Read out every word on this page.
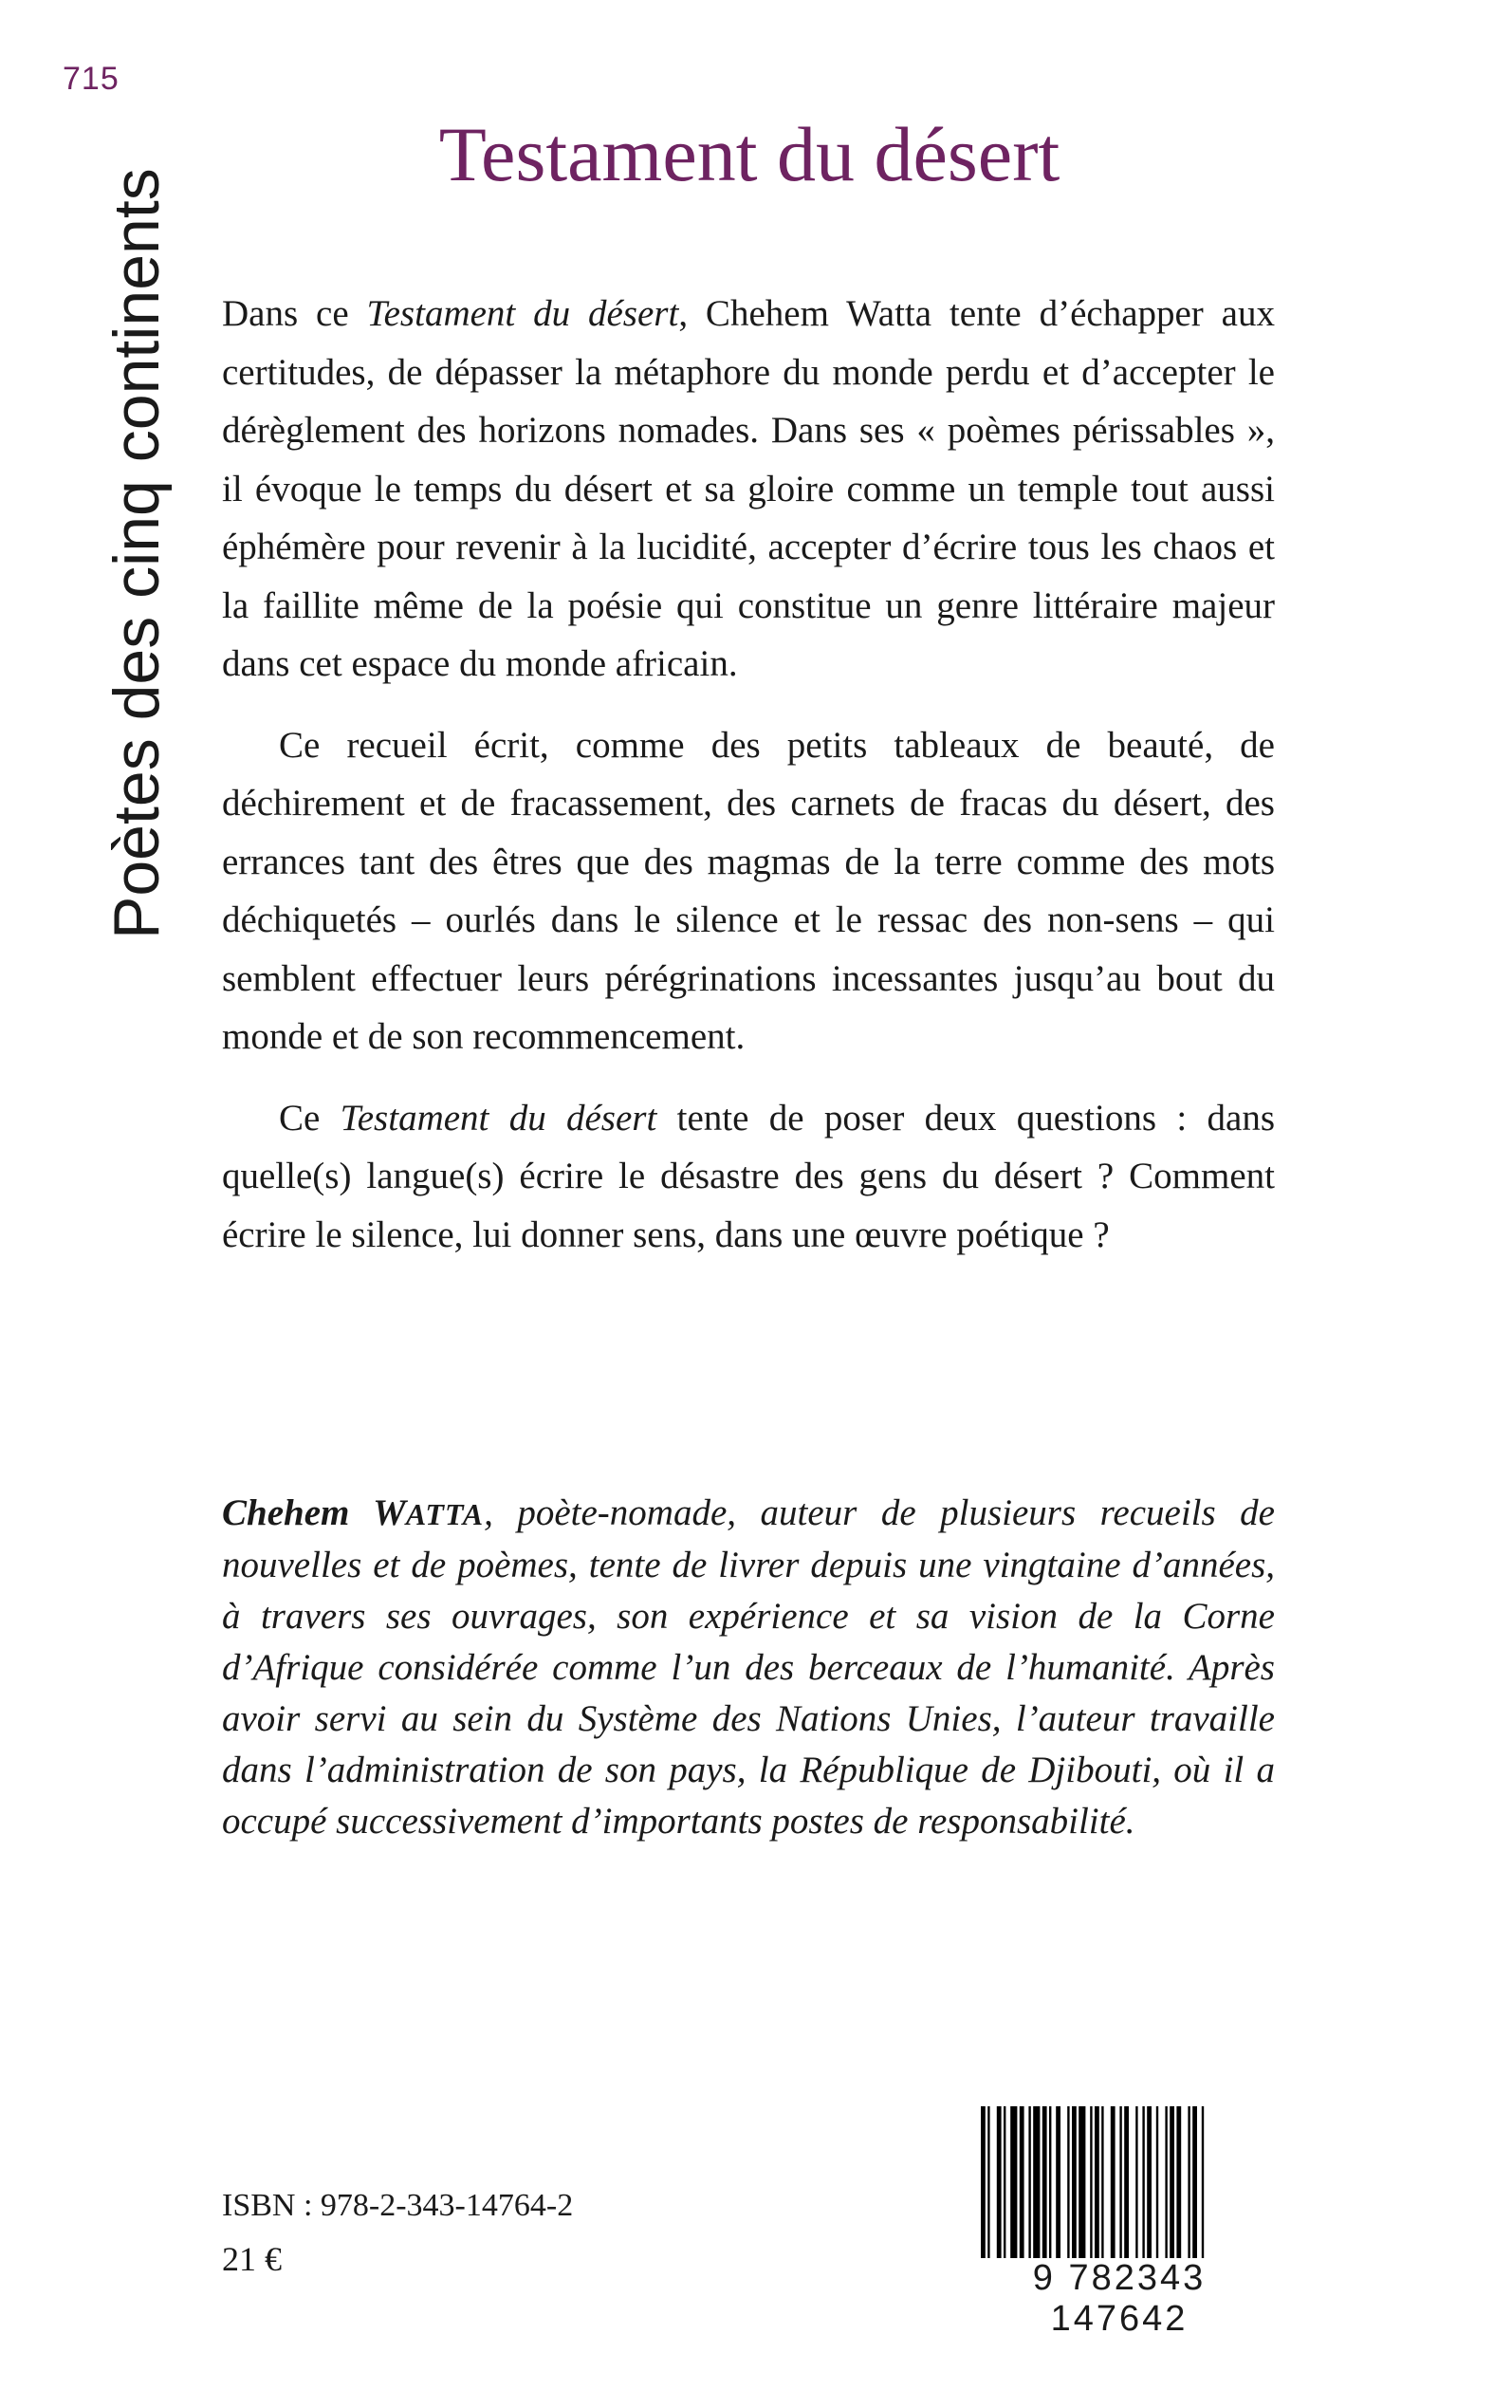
715
Poètes des cinq continents
Testament du désert

Dans ce Testament du désert, Chehem Watta tente d’échapper aux certitudes, de dépasser la métaphore du monde perdu et d’accepter le dérèglement des horizons nomades. Dans ses « poèmes périssables », il évoque le temps du désert et sa gloire comme un temple tout aussi éphémère pour revenir à la lucidité, accepter d’écrire tous les chaos et la faillite même de la poésie qui constitue un genre littéraire majeur dans cet espace du monde africain.

Ce recueil écrit, comme des petits tableaux de beauté, de déchirement et de fracassement, des carnets de fracas du désert, des errances tant des êtres que des magmas de la terre comme des mots déchiquetés – ourlés dans le silence et le ressac des non-sens – qui semblent effectuer leurs pérégrinations incessantes jusqu’au bout du monde et de son recommencement.

Ce Testament du désert tente de poser deux questions : dans quelle(s) langue(s) écrire le désastre des gens du désert ? Comment écrire le silence, lui donner sens, dans une œuvre poétique ?

Chehem WATTA, poète-nomade, auteur de plusieurs recueils de nouvelles et de poèmes, tente de livrer depuis une vingtaine d’années, à travers ses ouvrages, son expérience et sa vision de la Corne d’Afrique considérée comme l’un des berceaux de l’humanité. Après avoir servi au sein du Système des Nations Unies, l’auteur travaille dans l’administration de son pays, la République de Djibouti, où il a occupé successivement d’importants postes de responsabilité.
ISBN : 978-2-343-14764-2
21 €	9 782343 147642
